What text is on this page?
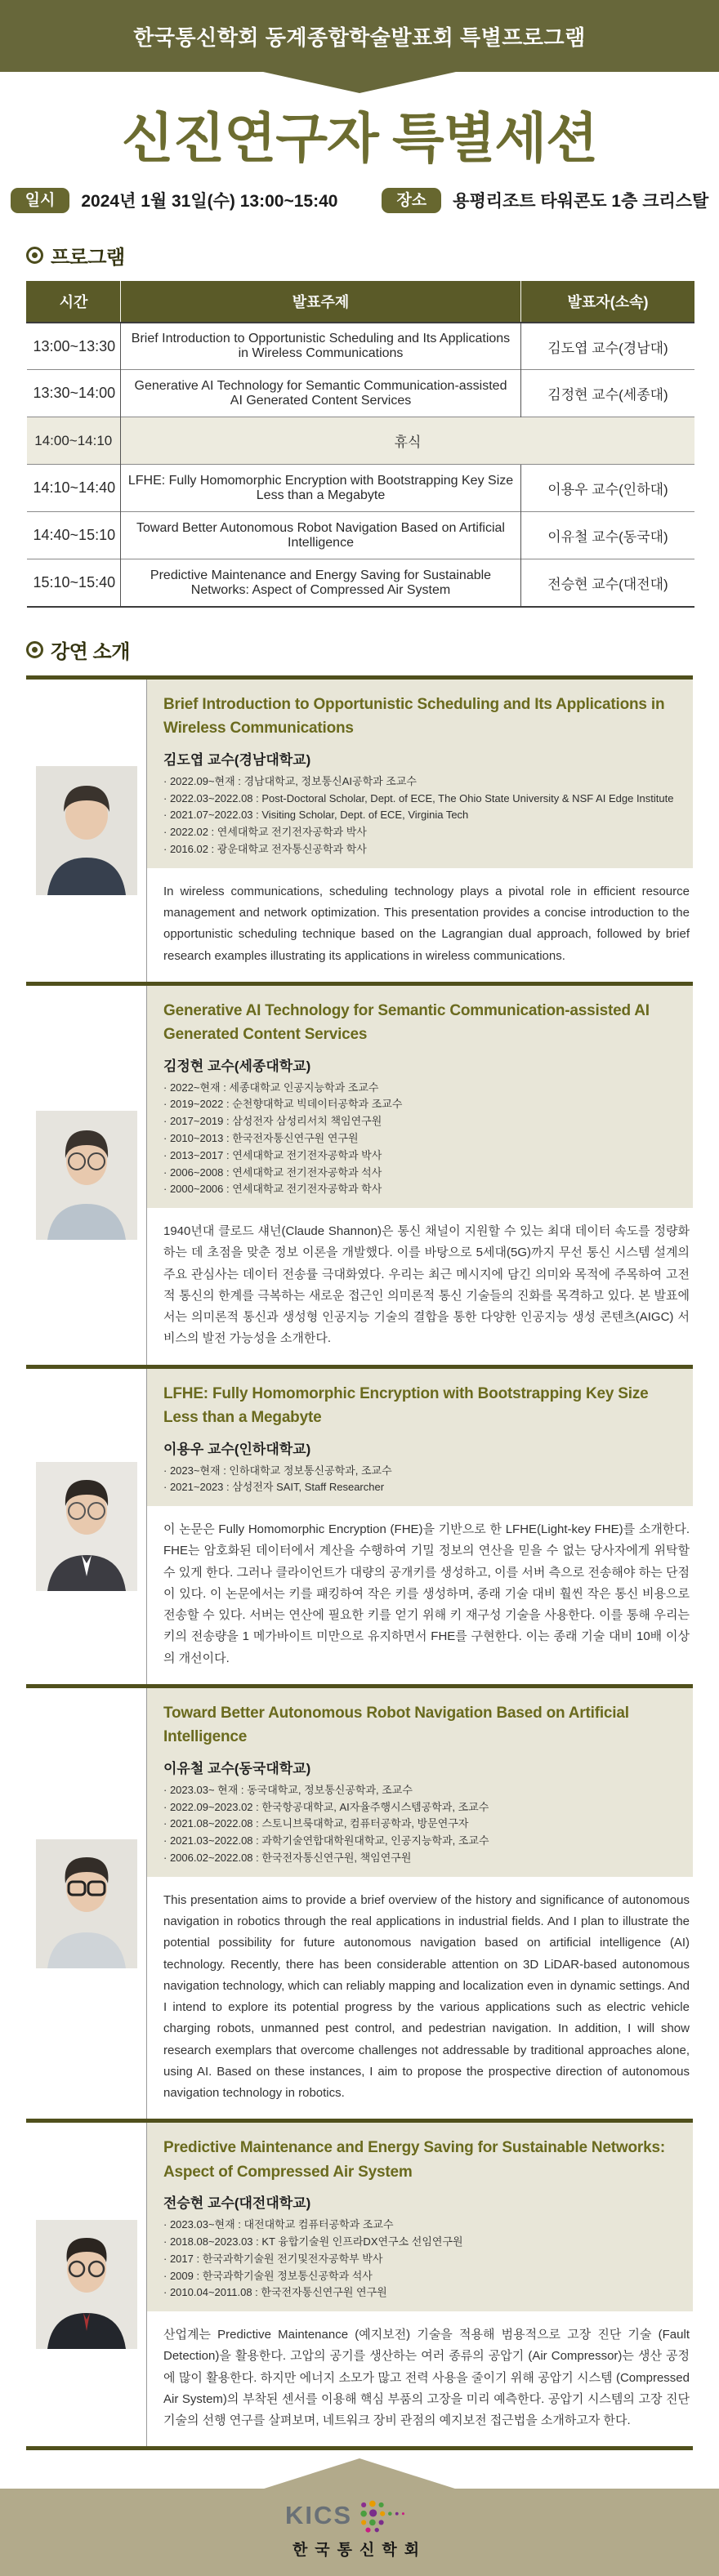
한국통신학회 동계종합학술발표회 특별프로그램
신진연구자 특별세션
일시	2024년 1월 31일(수) 13:00~15:40	장소	용평리조트 타워콘도 1층 크리스탈
프로그램
시간	발표주제	발표자(소속)
13:00~13:30	Brief Introduction to Opportunistic Scheduling and Its Applications in Wireless Communications	김도엽 교수(경남대)
13:30~14:00	Generative AI Technology for Semantic Communication-assisted AI Generated Content Services	김정현 교수(세종대)
14:00~14:10	휴식	
14:10~14:40	LFHE: Fully Homomorphic Encryption with Bootstrapping Key Size Less than a Megabyte	이용우 교수(인하대)
14:40~15:10	Toward Better Autonomous Robot Navigation Based on Artificial Intelligence	이유철 교수(동국대)
15:10~15:40	Predictive Maintenance and Energy Saving for Sustainable Networks: Aspect of Compressed Air System	전승현 교수(대전대)
강연 소개
Brief Introduction to Opportunistic Scheduling and Its Applications in Wireless Communications
김도엽 교수(경남대학교)
· 2022.09~현재 : 경남대학교, 정보통신AI공학과 조교수
· 2022.03~2022.08 : Post-Doctoral Scholar, Dept. of ECE, The Ohio State University & NSF AI Edge Institute
· 2021.07~2022.03 : Visiting Scholar, Dept. of ECE, Virginia Tech
· 2022.02 : 연세대학교 전기전자공학과 박사
· 2016.02 : 광운대학교 전자통신공학과 학사
In wireless communications, scheduling technology plays a pivotal role in efficient resource management and network optimization. This presentation provides a concise introduction to the opportunistic scheduling technique based on the Lagrangian dual approach, followed by brief research examples illustrating its applications in wireless communications.
Generative AI Technology for Semantic Communication-assisted AI Generated Content Services
김정현 교수(세종대학교)
· 2022~현재 : 세종대학교 인공지능학과 조교수
· 2019~2022 : 순천향대학교 빅데이터공학과 조교수
· 2017~2019 : 삼성전자 삼성리서치 책임연구원
· 2010~2013 : 한국전자통신연구원 연구원
· 2013~2017 : 연세대학교 전기전자공학과 박사
· 2006~2008 : 연세대학교 전기전자공학과 석사
· 2000~2006 : 연세대학교 전기전자공학과 학사
1940년대 클로드 섀넌(Claude Shannon)은 통신 채널이 지원할 수 있는 최대 데이터 속도를 정량화하는 데 초점을 맞춘 정보 이론을 개발했다. 이를 바탕으로 5세대(5G)까지 무선 통신 시스템 설계의 주요 관심사는 데이터 전송률 극대화였다. 우리는 최근 메시지에 담긴 의미와 목적에 주목하여 고전적 통신의 한계를 극복하는 새로운 접근인 의미론적 통신 기술들의 진화를 목격하고 있다. 본 발표에서는 의미론적 통신과 생성형 인공지능 기술의 결합을 통한 다양한 인공지능 생성 콘텐츠(AIGC) 서비스의 발전 가능성을 소개한다.
LFHE: Fully Homomorphic Encryption with Bootstrapping Key Size Less than a Megabyte
이용우 교수(인하대학교)
· 2023~현재 : 인하대학교 정보통신공학과, 조교수
· 2021~2023 : 삼성전자 SAIT, Staff Researcher
이 논문은 Fully Homomorphic Encryption (FHE)을 기반으로 한 LFHE(Light-key FHE)를 소개한다. FHE는 암호화된 데이터에서 계산을 수행하여 기밀 정보의 연산을 믿을 수 없는 당사자에게 위탁할 수 있게 한다. 그러나 클라이언트가 대량의 공개키를 생성하고, 이를 서버 측으로 전송해야 하는 단점이 있다. 이 논문에서는 키를 패킹하여 작은 키를 생성하며, 종래 기술 대비 훨씬 작은 통신 비용으로 전송할 수 있다. 서버는 연산에 필요한 키를 얻기 위해 키 재구성 기술을 사용한다. 이를 통해 우리는 키의 전송량을 1 메가바이트 미만으로 유지하면서 FHE를 구현한다. 이는 종래 기술 대비 10배 이상의 개선이다.
Toward Better Autonomous Robot Navigation Based on Artificial Intelligence
이유철 교수(동국대학교)
· 2023.03~ 현재 : 동국대학교, 정보통신공학과, 조교수
· 2022.09~2023.02 : 한국항공대학교, AI자율주행시스템공학과, 조교수
· 2021.08~2022.08 : 스토니브룩대학교, 컴퓨터공학과, 방문연구자
· 2021.03~2022.08 : 과학기술연합대학원대학교, 인공지능학과, 조교수
· 2006.02~2022.08 : 한국전자통신연구원, 책임연구원
This presentation aims to provide a brief overview of the history and significance of autonomous navigation in robotics through the real applications in industrial fields. And I plan to illustrate the potential possibility for future autonomous navigation based on artificial intelligence (AI) technology. Recently, there has been considerable attention on 3D LiDAR-based autonomous navigation technology, which can reliably mapping and localization even in dynamic settings. And I intend to explore its potential progress by the various applications such as electric vehicle charging robots, unmanned pest control, and pedestrian navigation. In addition, I will show research exemplars that overcome challenges not addressable by traditional approaches alone, using AI. Based on these instances, I aim to propose the prospective direction of autonomous navigation technology in robotics.
Predictive Maintenance and Energy Saving for Sustainable Networks: Aspect of Compressed Air System
전승현 교수(대전대학교)
· 2023.03~현재 : 대전대학교 컴퓨터공학과 조교수
· 2018.08~2023.03 : KT 융합기술원 인프라DX연구소 선임연구원
· 2017 : 한국과학기술원 전기및전자공학부 박사
· 2009 : 한국과학기술원 정보통신공학과 석사
· 2010.04~2011.08 : 한국전자통신연구원 연구원
산업계는 Predictive Maintenance (예지보전) 기술을 적용해 범용적으로 고장 진단 기술 (Fault Detection)을 활용한다. 고압의 공기를 생산하는 여러 종류의 공압기 (Air Compressor)는 생산 공정에 많이 활용한다. 하지만 에너지 소모가 많고 전력 사용을 줄이기 위해 공압기 시스템 (Compressed Air System)의 부착된 센서를 이용해 핵심 부품의 고장을 미리 예측한다. 공압기 시스템의 고장 진단 기술의 선행 연구를 살펴보며, 네트워크 장비 관점의 예지보전 접근법을 소개하고자 한다.
KICS
한국통신학회
